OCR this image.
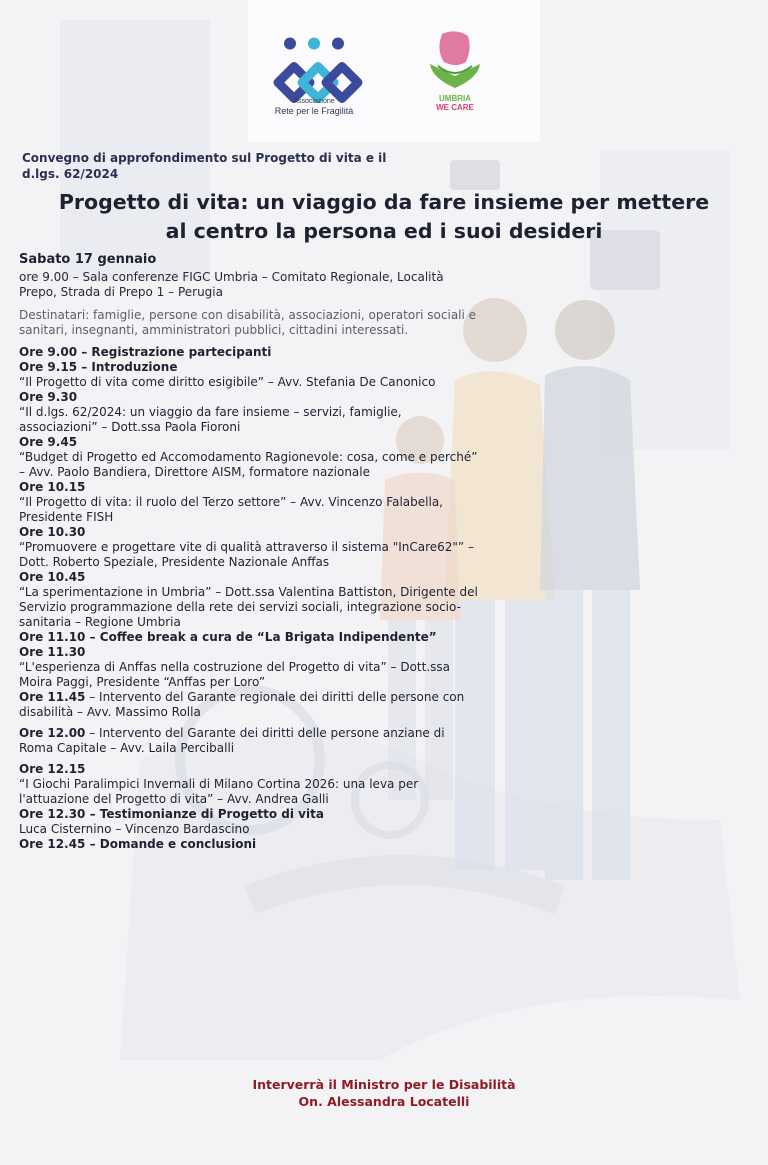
Associazione
Rete per le Fragilità
UMBRIA
WE CARE
Convegno di approfondimento sul Progetto di vita e il d.lgs. 62/2024
Progetto di vita: un viaggio da fare insieme per mettere
al centro la persona ed i suoi desideri

Sabato 17 gennaio

ore 9.00 – Sala conferenze FIGC Umbria – Comitato Regionale, Località Prepo, Strada di Prepo 1 – Perugia

Destinatari: famiglie, persone con disabilità, associazioni, operatori sociali e sanitari, insegnanti, amministratori pubblici, cittadini interessati.

Ore 9.00 – Registrazione partecipanti
Ore 9.15 – Introduzione
“Il Progetto di vita come diritto esigibile” – Avv. Stefania De Canonico
Ore 9.30
“Il d.lgs. 62/2024: un viaggio da fare insieme – servizi, famiglie, associazioni” – Dott.ssa Paola Fioroni
Ore 9.45
“Budget di Progetto ed Accomodamento Ragionevole: cosa, come e perché” – Avv. Paolo Bandiera, Direttore AISM, formatore nazionale
Ore 10.15
“Il Progetto di vita: il ruolo del Terzo settore” – Avv. Vincenzo Falabella, Presidente FISH
Ore 10.30
“Promuovere e progettare vite di qualità attraverso il sistema "InCare62"” – Dott. Roberto Speziale, Presidente Nazionale Anffas
Ore 10.45
“La sperimentazione in Umbria” – Dott.ssa Valentina Battiston, Dirigente del Servizio programmazione della rete dei servizi sociali, integrazione socio-sanitaria – Regione Umbria
Ore 11.10 – Coffee break a cura de “La Brigata Indipendente”
Ore 11.30
“L'esperienza di Anffas nella costruzione del Progetto di vita” – Dott.ssa Moira Paggi, Presidente “Anffas per Loro”
Ore 11.45 – Intervento del Garante regionale dei diritti delle persone con disabilità – Avv. Massimo Rolla
Ore 12.00 – Intervento del Garante dei diritti delle persone anziane di Roma Capitale – Avv. Laila Perciballi
Ore 12.15
“I Giochi Paralimpici Invernali di Milano Cortina 2026: una leva per l'attuazione del Progetto di vita” – Avv. Andrea Galli
Ore 12.30 – Testimonianze di Progetto di vita
Luca Cisternino – Vincenzo Bardascino
Ore 12.45 – Domande e conclusioni
Interverrà il Ministro per le Disabilità
On. Alessandra Locatelli
